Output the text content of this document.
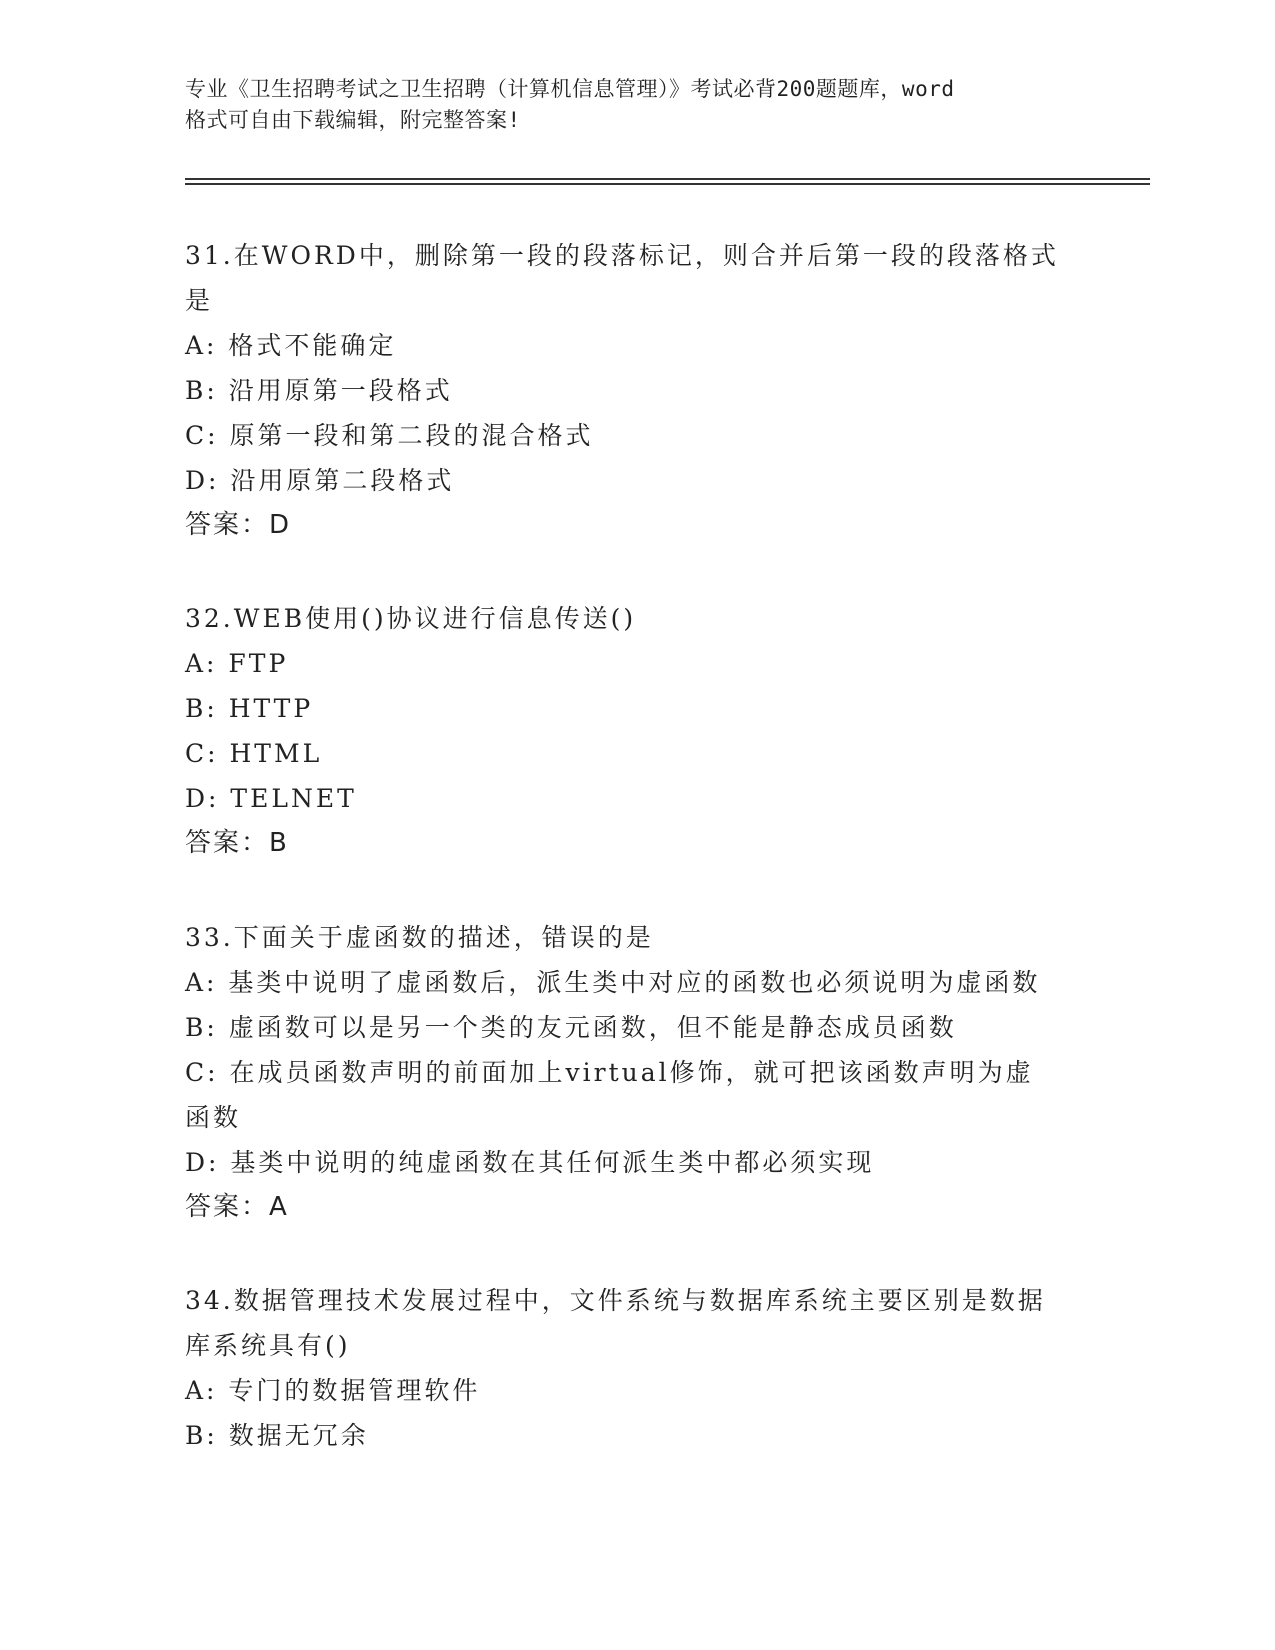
专业《卫生招聘考试之卫生招聘（计算机信息管理）》考试必背200题题库，word
格式可自由下载编辑，附完整答案!

31.在WORD中，删除第一段的段落标记，则合并后第一段的段落格式

是

A: 格式不能确定

B: 沿用原第一段格式

C: 原第一段和第二段的混合格式

D: 沿用原第二段格式

答案：D

32.WEB使用()协议进行信息传送()

A: FTP

B: HTTP

C: HTML

D: TELNET

答案：B

33.下面关于虚函数的描述，错误的是

A: 基类中说明了虚函数后，派生类中对应的函数也必须说明为虚函数

B: 虚函数可以是另一个类的友元函数，但不能是静态成员函数

C: 在成员函数声明的前面加上virtual修饰，就可把该函数声明为虚

函数

D: 基类中说明的纯虚函数在其任何派生类中都必须实现

答案：A

34.数据管理技术发展过程中，文件系统与数据库系统主要区别是数据

库系统具有()

A: 专门的数据管理软件

B: 数据无冗余
